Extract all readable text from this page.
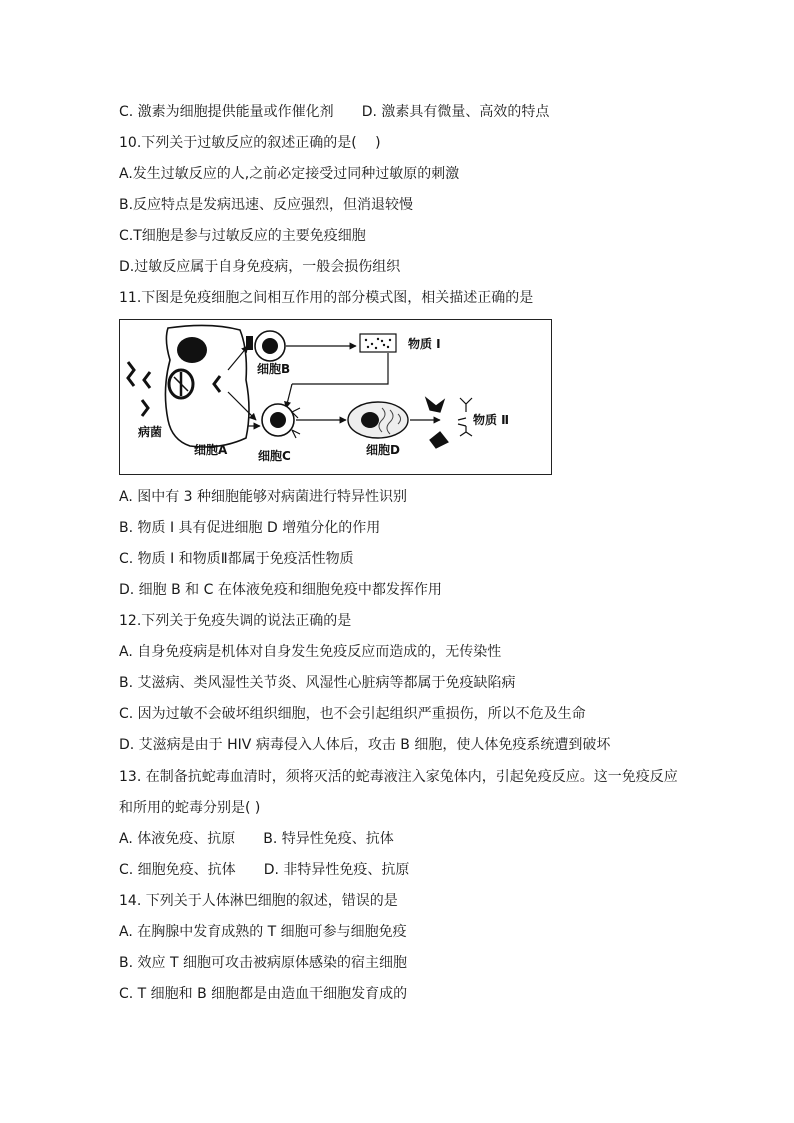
C. 激素为细胞提供能量或作催化剂 D. 激素具有微量、高效的特点
10.下列关于过敏反应的叙述正确的是(　 )
A.发生过敏反应的人,之前必定接受过同种过敏原的刺激
B.反应特点是发病迅速、反应强烈，但消退较慢
C.T细胞是参与过敏反应的主要免疫细胞
D.过敏反应属于自身免疫病，一般会损伤组织
11.下图是免疫细胞之间相互作用的部分模式图，相关描述正确的是
物质 Ⅰ
细胞B
物质 Ⅱ
病菌
细胞A	细胞C	细胞D
A. 图中有 3 种细胞能够对病菌进行特异性识别
B. 物质 I 具有促进细胞 D 增殖分化的作用
C. 物质 I 和物质Ⅱ都属于免疫活性物质
D. 细胞 B 和 C 在体液免疫和细胞免疫中都发挥作用
12.下列关于免疫失调的说法正确的是
A. 自身免疫病是机体对自身发生免疫反应而造成的，无传染性
B. 艾滋病、类风湿性关节炎、风湿性心脏病等都属于免疫缺陷病
C. 因为过敏不会破坏组织细胞，也不会引起组织严重损伤，所以不危及生命
D. 艾滋病是由于 HIV 病毒侵入人体后，攻击 B 细胞，使人体免疫系统遭到破坏
13. 在制备抗蛇毒血清时，须将灭活的蛇毒液注入家兔体内，引起免疫反应。这一免疫反应
和所用的蛇毒分别是( )
A. 体液免疫、抗原 B. 特异性免疫、抗体
C. 细胞免疫、抗体 D. 非特异性免疫、抗原
14. 下列关于人体淋巴细胞的叙述，错误的是
A. 在胸腺中发育成熟的 T 细胞可参与细胞免疫
B. 效应 T 细胞可攻击被病原体感染的宿主细胞
C. T 细胞和 B 细胞都是由造血干细胞发育成的
